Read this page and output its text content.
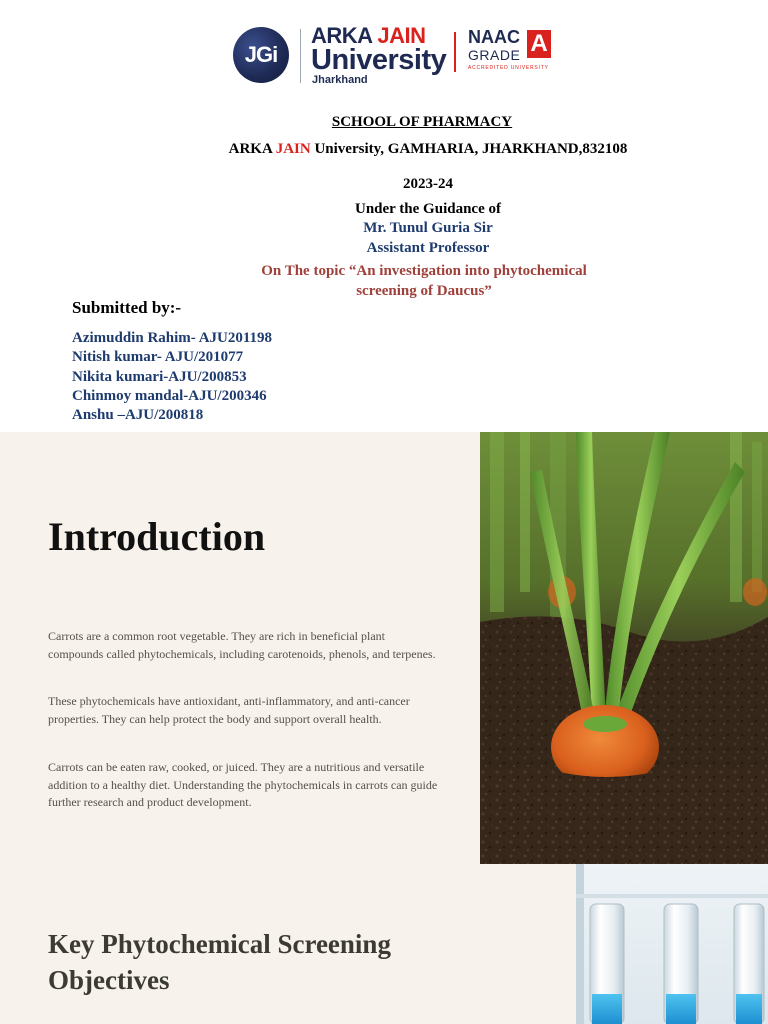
JGi
ARKA JAIN
University
Jharkhand
NAAC
GRADE A
ACCREDITED UNIVERSITY
SCHOOL OF PHARMACY
ARKA JAIN University, GAMHARIA, JHARKHAND,832108
2023-24
Under the Guidance of
Mr. Tunul Guria Sir
Assistant Professor
On The topic “An investigation into phytochemical
screening of Daucus”
Submitted by:-
Azimuddin Rahim- AJU201198
Nitish kumar- AJU/201077
Nikita kumari-AJU/200853
Chinmoy mandal-AJU/200346
Anshu –AJU/200818
Introduction

Carrots are a common root vegetable. They are rich in beneficial plant compounds called phytochemicals, including carotenoids, phenols, and terpenes.

These phytochemicals have antioxidant, anti-inflammatory, and anti-cancer properties. They can help protect the body and support overall health.

Carrots can be eaten raw, cooked, or juiced. They are a nutritious and versatile addition to a healthy diet. Understanding the phytochemicals in carrots can guide further research and product development.

Key Phytochemical Screening
Objectives
